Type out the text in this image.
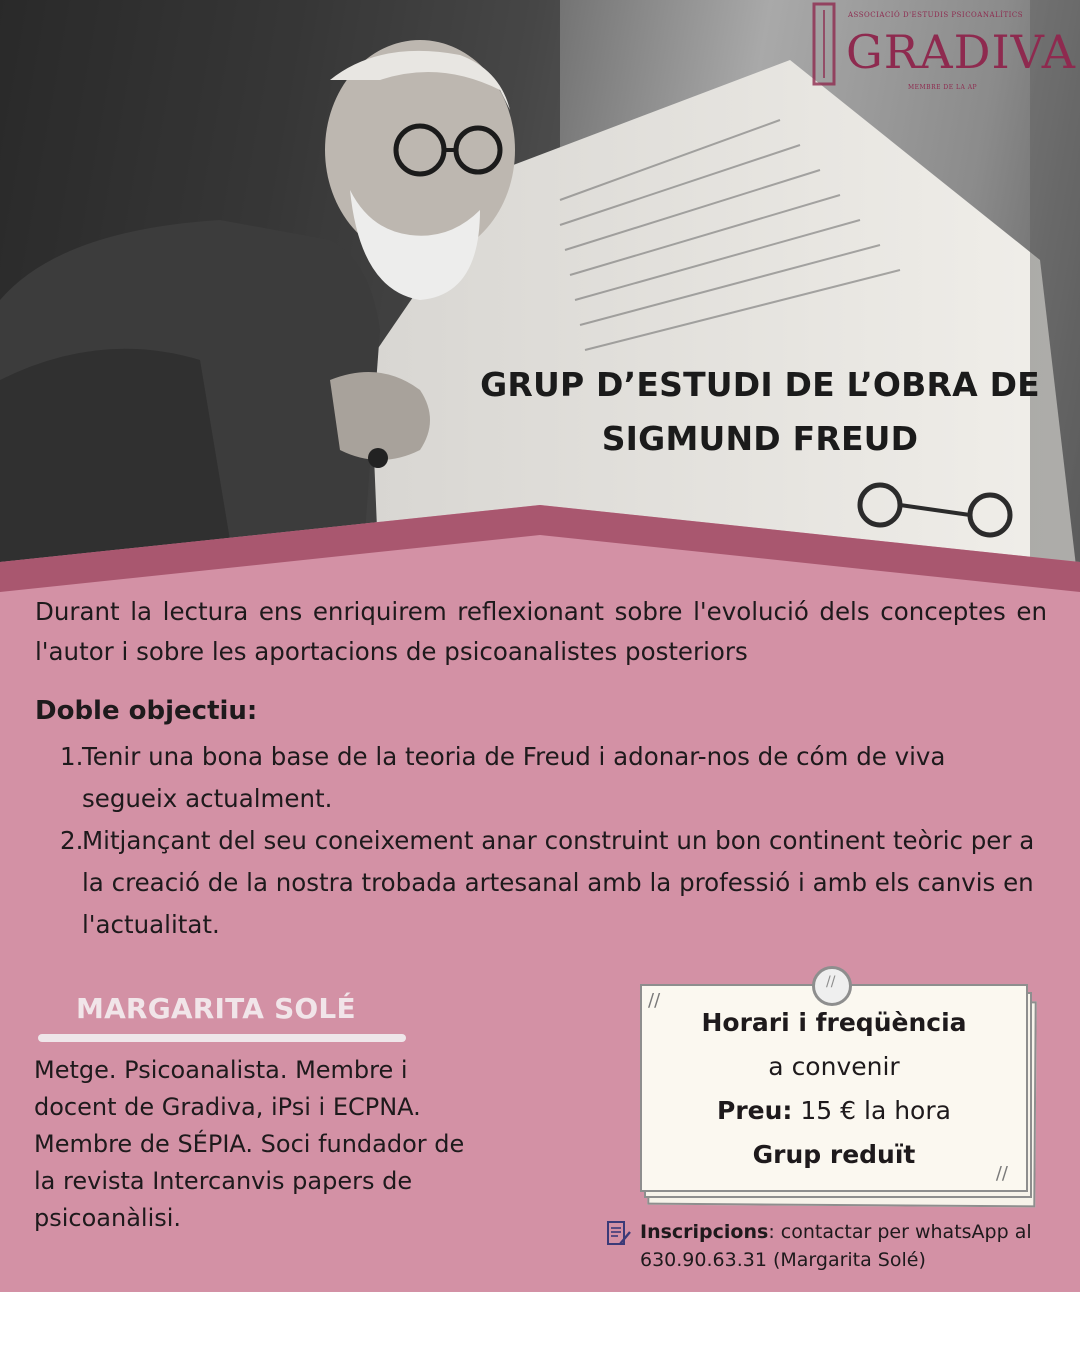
GRUP D’ESTUDI DE L’OBRA DE
SIGMUND FREUD
ASSOCIACIÓ D'ESTUDIS PSICOANALÍTICS
GRADIVA
MEMBRE DE LA AP

Durant la lectura ens enriquirem reflexionant sobre l'evolució dels conceptes en l'autor i sobre les aportacions de psicoanalistes posteriors

Doble objectiu:
1.
Tenir una bona base de la teoria de Freud i adonar-nos de cóm de viva segueix actualment.
2.
Mitjançant del seu coneixement anar construint un bon continent teòric per a la creació de la nostra trobada artesanal amb la professió i amb els canvis en l'actualitat.
MARGARITA SOLÉ

Metge. Psicoanalista. Membre i docent de Gradiva, iPsi i ECPNA. Membre de SÉPIA. Soci fundador de la revista Intercanvis papers de psicoanàlisi.

//
//
Horari i freqüència
a convenir
Preu: 15 € la hora
Grup reduït
//

Inscripcions: contactar per whatsApp al 630.90.63.31 (Margarita Solé)
